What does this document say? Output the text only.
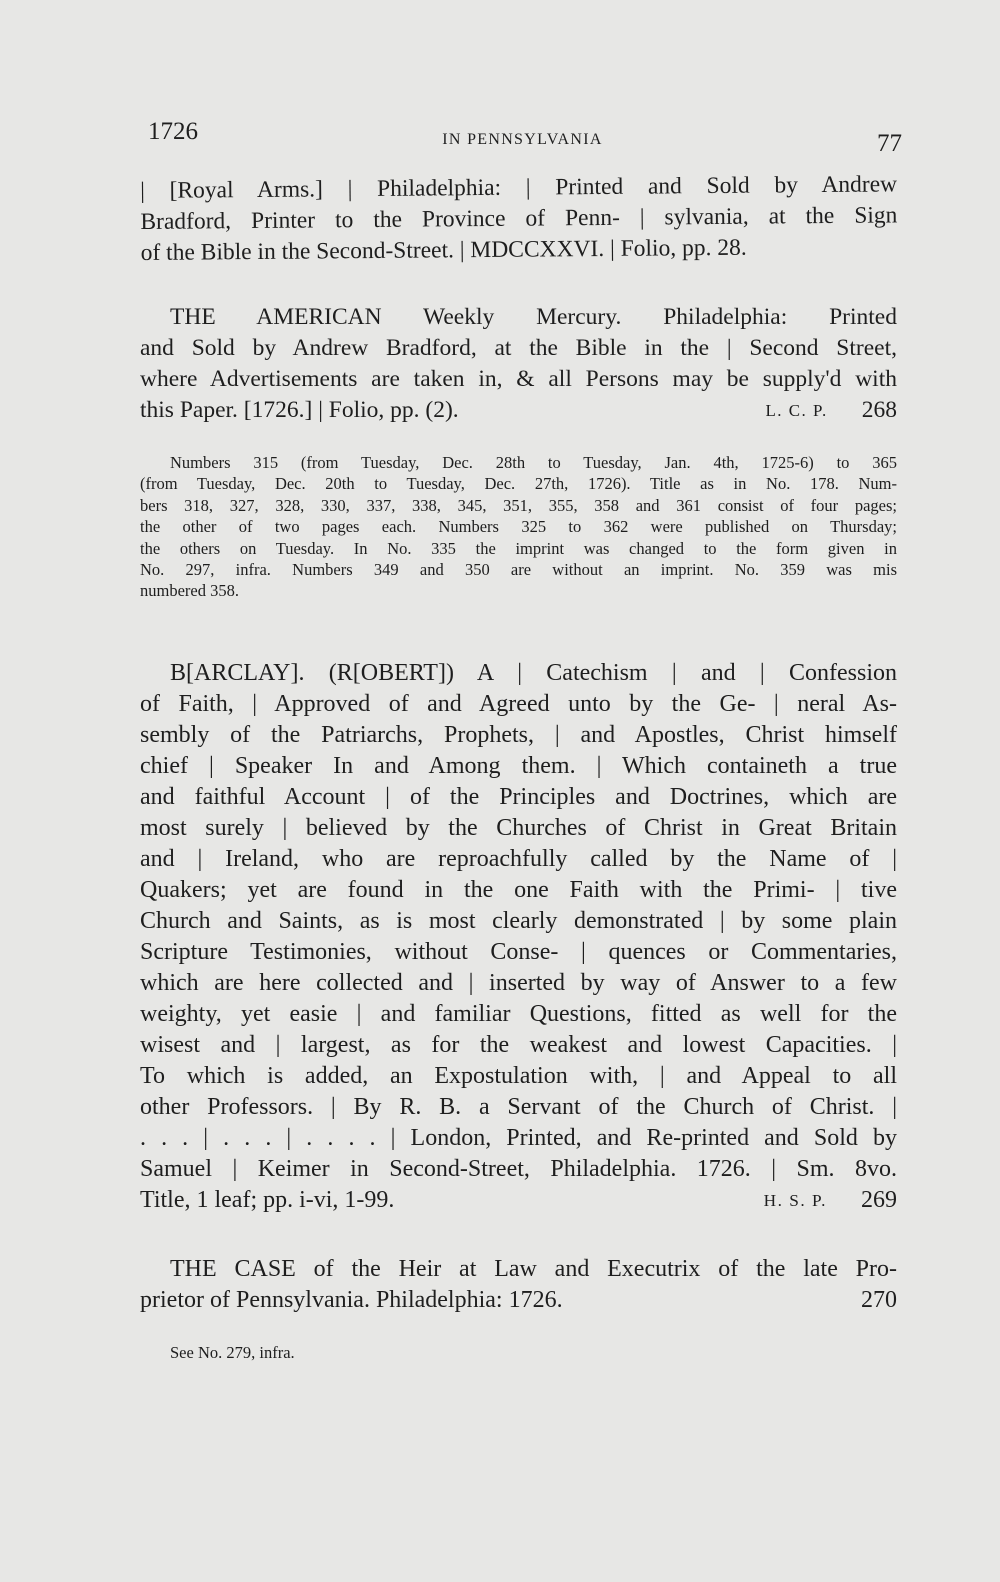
1726	IN PENNSYLVANIA	77
| [Royal Arms.] | Philadelphia: | Printed and Sold by Andrew
Bradford, Printer to the Province of Penn- | sylvania, at the Sign
of the Bible in the Second-Street. | MDCCXXVI. | Folio, pp. 28.
THE AMERICAN Weekly Mercury. Philadelphia: Printed
and Sold by Andrew Bradford, at the Bible in the | Second Street,
where Advertisements are taken in, & all Persons may be supply'd with
this Paper. [1726.] | Folio, pp. (2).	268
L. C. P.
Numbers 315 (from Tuesday, Dec. 28th to Tuesday, Jan. 4th, 1725-6) to 365
(from Tuesday, Dec. 20th to Tuesday, Dec. 27th, 1726). Title as in No. 178. Num-
bers 318, 327, 328, 330, 337, 338, 345, 351, 355, 358 and 361 consist of four pages;
the other of two pages each. Numbers 325 to 362 were published on Thursday;
the others on Tuesday. In No. 335 the imprint was changed to the form given in
No. 297, infra. Numbers 349 and 350 are without an imprint. No. 359 was mis
numbered 358.
B[ARCLAY]. (R[OBERT]) A | Catechism | and | Confession
of Faith, | Approved of and Agreed unto by the Ge- | neral As-
sembly of the Patriarchs, Prophets, | and Apostles, Christ himself
chief | Speaker In and Among them. | Which containeth a true
and faithful Account | of the Principles and Doctrines, which are
most surely | believed by the Churches of Christ in Great Britain
and | Ireland, who are reproachfully called by the Name of |
Quakers; yet are found in the one Faith with the Primi- | tive
Church and Saints, as is most clearly demonstrated | by some plain
Scripture Testimonies, without Conse- | quences or Commentaries,
which are here collected and | inserted by way of Answer to a few
weighty, yet easie | and familiar Questions, fitted as well for the
wisest and | largest, as for the weakest and lowest Capacities. |
To which is added, an Expostulation with, | and Appeal to all
other Professors. | By R. B. a Servant of the Church of Christ. |
. . . | . . . | . . . . | London, Printed, and Re-printed and Sold by
Samuel | Keimer in Second-Street, Philadelphia. 1726. | Sm. 8vo.
Title, 1 leaf; pp. i-vi, 1-99.	269
H. S. P.
THE CASE of the Heir at Law and Executrix of the late Pro-
prietor of Pennsylvania. Philadelphia: 1726.	270
See No. 279, infra.
